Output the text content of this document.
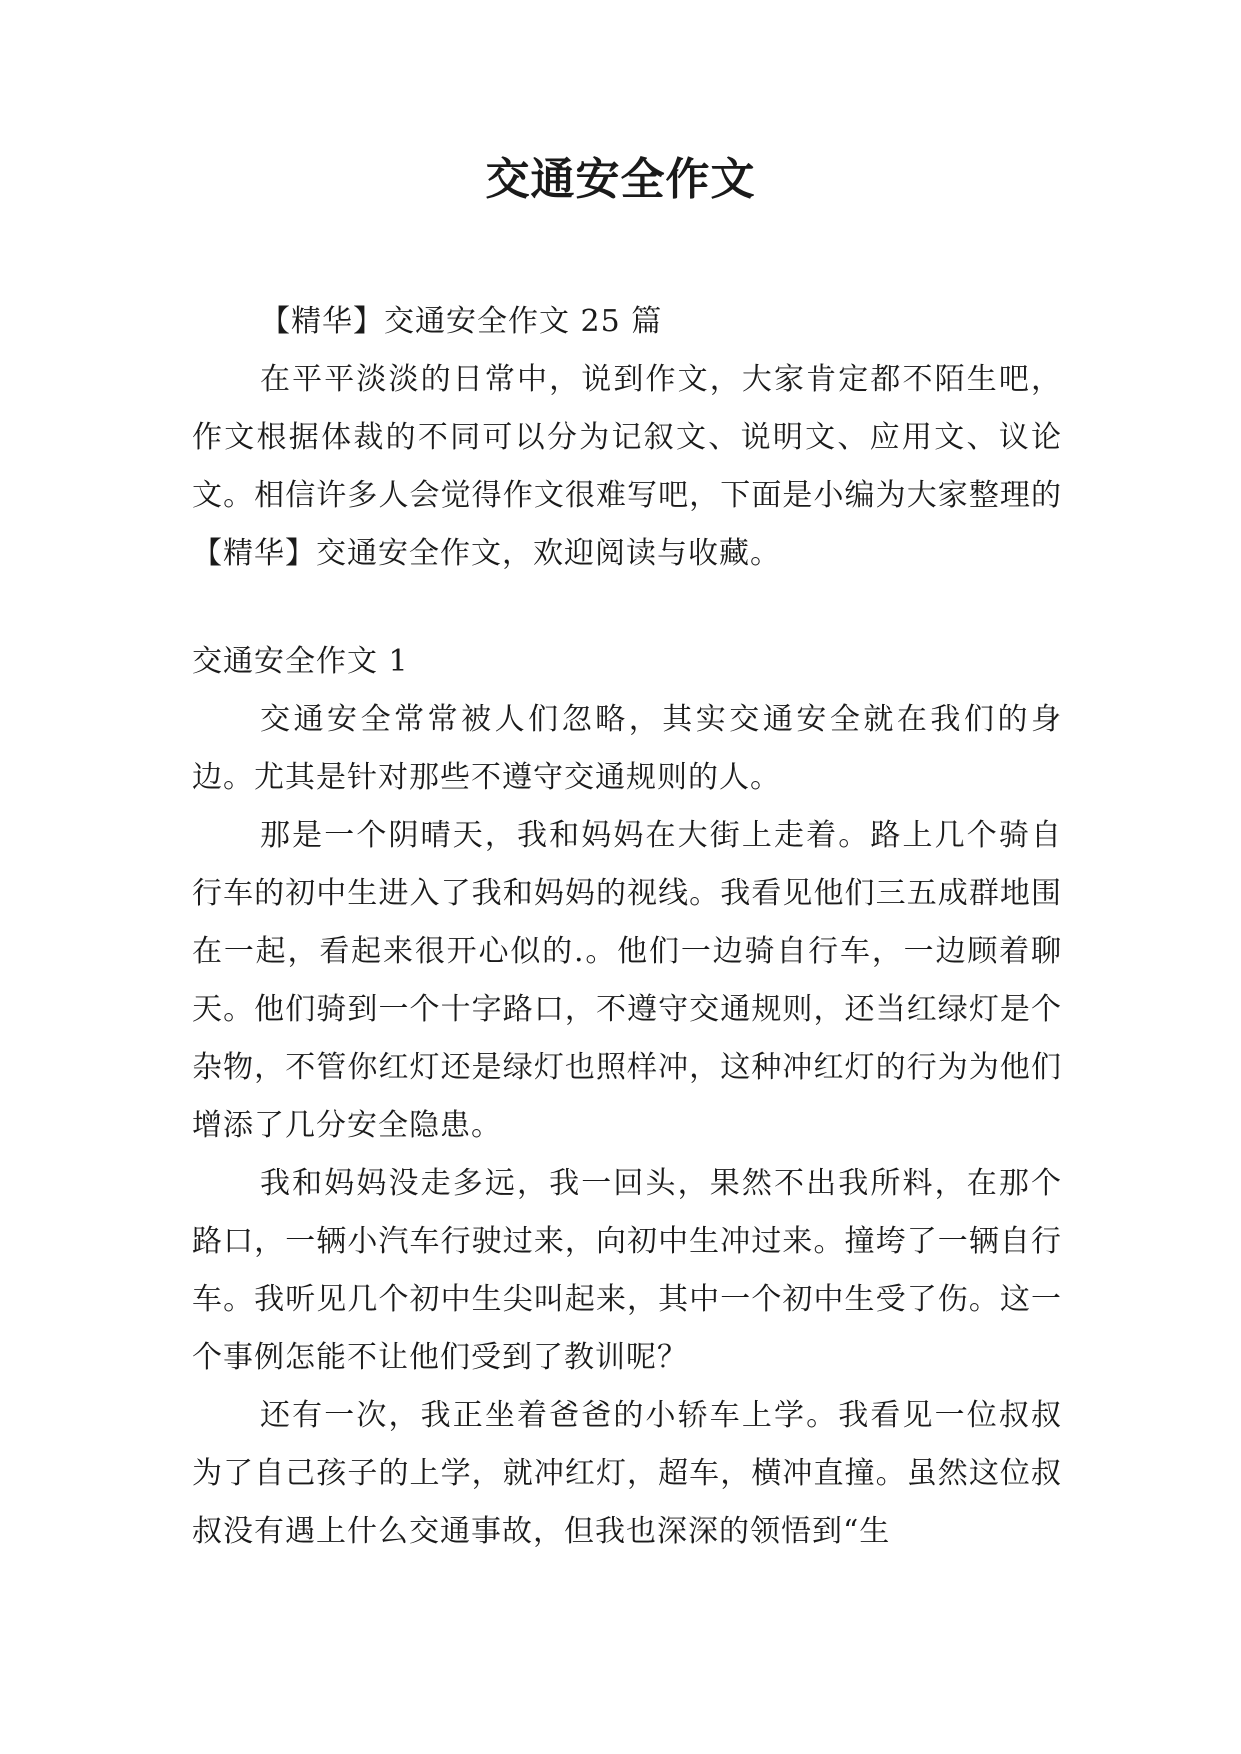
交通安全作文

【精华】交通安全作文 25 篇

在平平淡淡的日常中，说到作文，大家肯定都不陌生吧，作文根据体裁的不同可以分为记叙文、说明文、应用文、议论文。相信许多人会觉得作文很难写吧，下面是小编为大家整理的【精华】交通安全作文，欢迎阅读与收藏。

交通安全作文 1

交通安全常常被人们忽略，其实交通安全就在我们的身边。尤其是针对那些不遵守交通规则的人。

那是一个阴晴天，我和妈妈在大街上走着。路上几个骑自行车的初中生进入了我和妈妈的视线。我看见他们三五成群地围在一起，看起来很开心似的.。他们一边骑自行车，一边顾着聊天。他们骑到一个十字路口，不遵守交通规则，还当红绿灯是个杂物，不管你红灯还是绿灯也照样冲，这种冲红灯的行为为他们增添了几分安全隐患。

我和妈妈没走多远，我一回头，果然不出我所料，在那个路口，一辆小汽车行驶过来，向初中生冲过来。撞垮了一辆自行车。我听见几个初中生尖叫起来，其中一个初中生受了伤。这一个事例怎能不让他们受到了教训呢？

还有一次，我正坐着爸爸的小轿车上学。我看见一位叔叔为了自己孩子的上学，就冲红灯，超车，横冲直撞。虽然这位叔叔没有遇上什么交通事故，但我也深深的领悟到“生
